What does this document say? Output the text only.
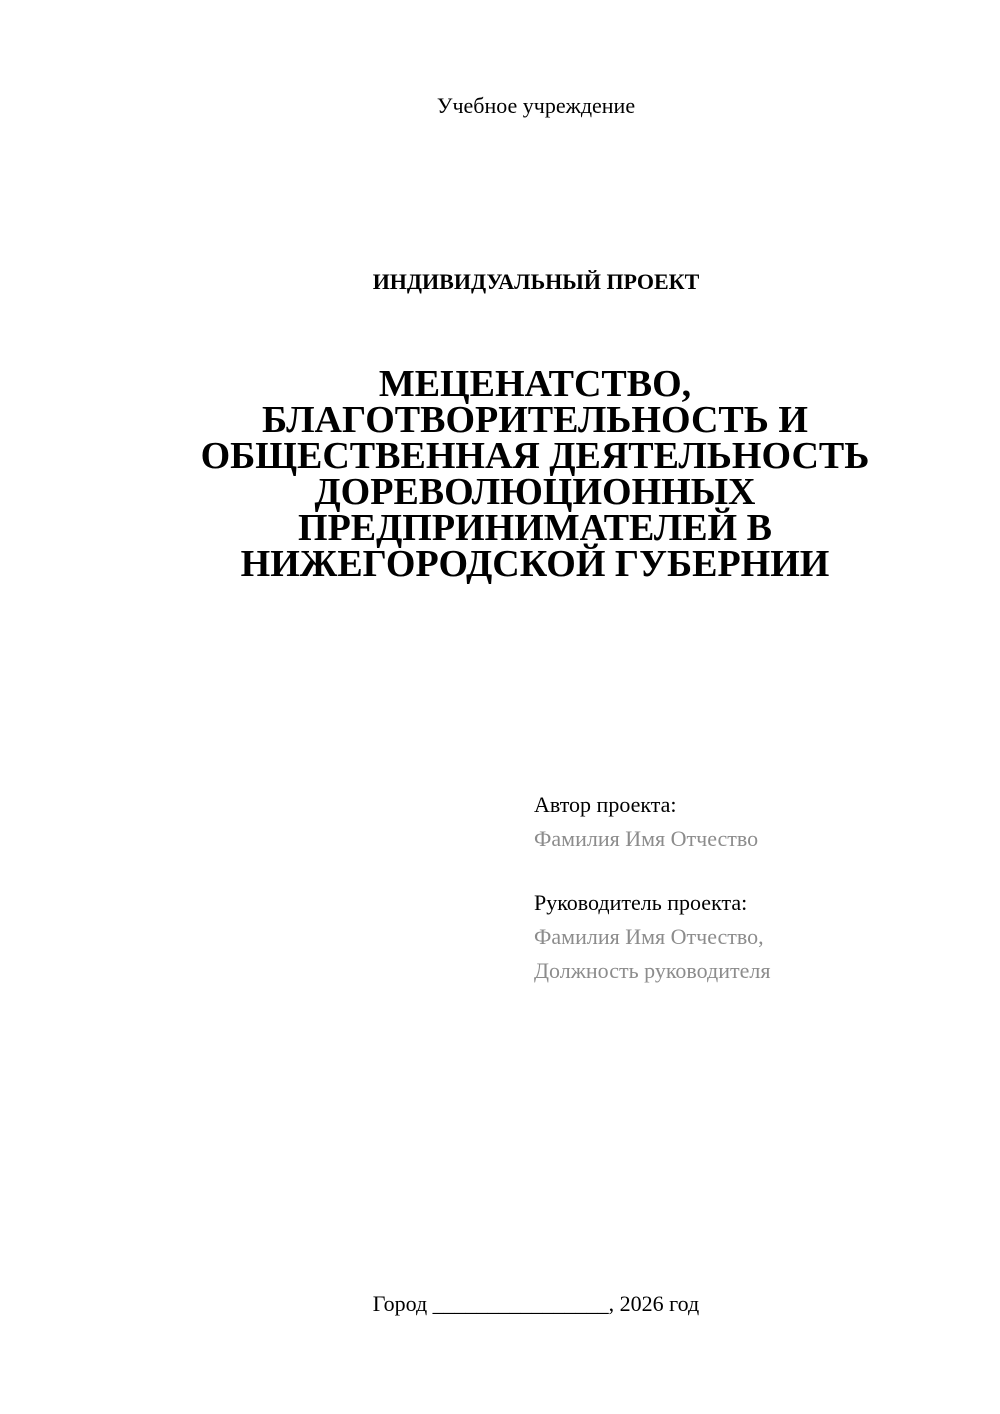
Учебное учреждение
ИНДИВИДУАЛЬНЫЙ ПРОЕКТ
МЕЦЕНАТСТВО,
БЛАГОТВОРИТЕЛЬНОСТЬ И
ОБЩЕСТВЕННАЯ ДЕЯТЕЛЬНОСТЬ
ДОРЕВОЛЮЦИОННЫХ
ПРЕДПРИНИМАТЕЛЕЙ В
НИЖЕГОРОДСКОЙ ГУБЕРНИИ
Автор проекта:
Фамилия Имя Отчество
Руководитель проекта:
Фамилия Имя Отчество,
Должность руководителя
Город ________________, 2026 год
